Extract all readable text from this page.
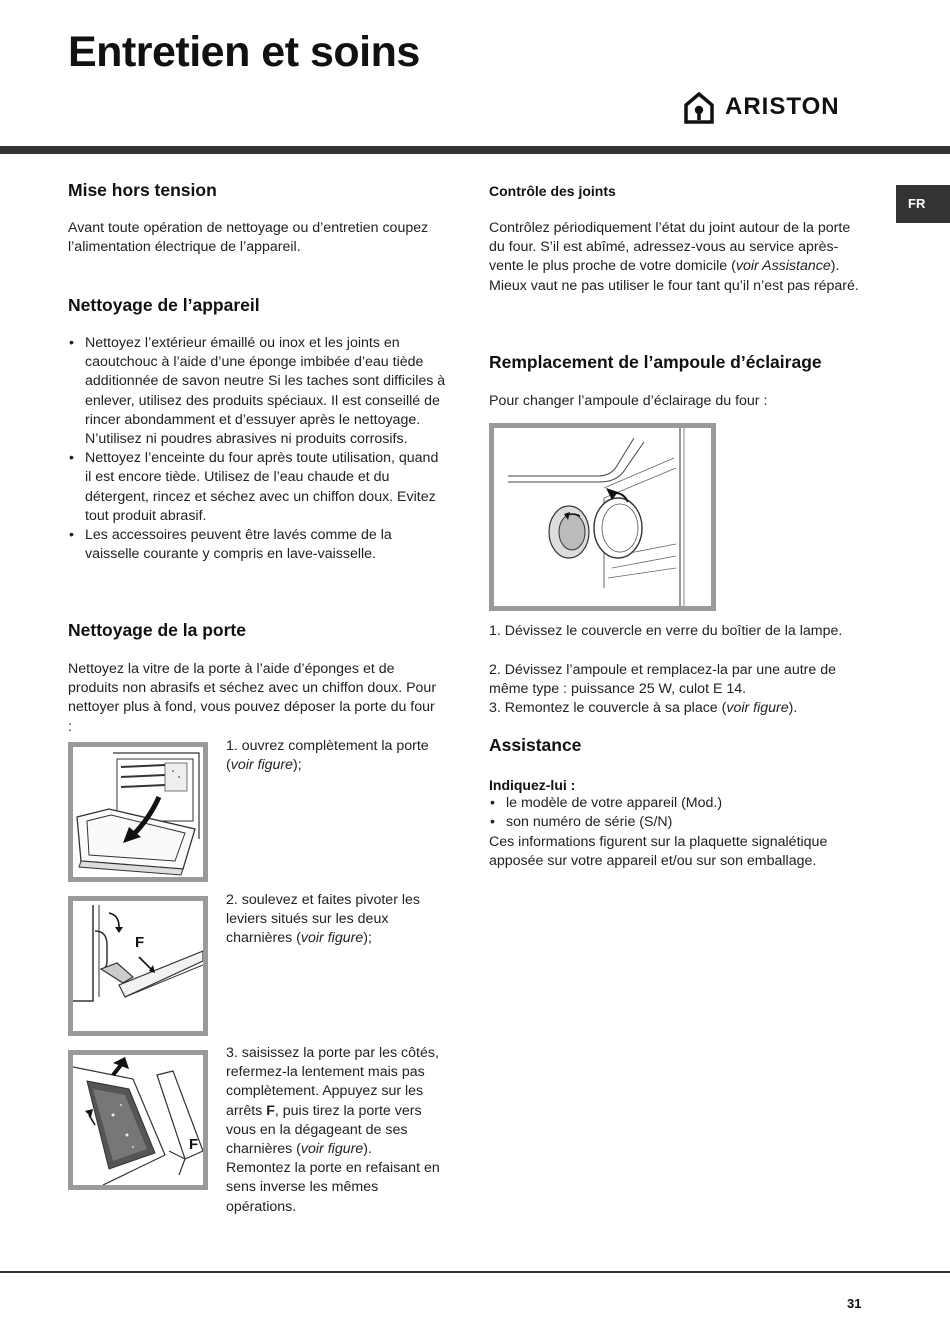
Entretien et soins
ARISTON
FR
Mise hors tension

Avant toute opération de nettoyage ou d’entretien coupez l’alimentation électrique de l’appareil.

Nettoyage de l’appareil
• Nettoyez l’extérieur émaillé ou inox et les joints en caoutchouc à l’aide d’une éponge imbibée d’eau tiède additionnée de savon neutre Si les taches sont difficiles à enlever, utilisez des produits spéciaux. Il est conseillé de rincer abondamment et d’essuyer après le nettoyage. N’utilisez ni poudres abrasives ni produits corrosifs.
• Nettoyez l’enceinte du four après toute utilisation, quand il est encore tiède. Utilisez de l’eau chaude et du détergent, rincez et séchez avec un chiffon doux. Evitez tout produit abrasif.
• Les accessoires peuvent être lavés comme de la vaisselle courante y compris en lave-vaisselle.
Nettoyage de la porte

Nettoyez la vitre de la porte à l’aide d’éponges et de produits non abrasifs et séchez avec un chiffon doux. Pour nettoyer plus à fond, vous pouvez déposer la porte du four :

1. ouvrez complètement la porte (voir figure);

F

2. soulevez et faites pivoter les leviers situés sur les deux charnières (voir figure);

F

3. saisissez la porte par les côtés, refermez-la lentement mais pas complètement. Appuyez sur les arrêts F, puis tirez la porte vers vous en la dégageant de ses charnières (voir figure).
Remontez la porte en refaisant en sens inverse les mêmes opérations.

Contrôle des joints

Contrôlez périodiquement l’état du joint autour de la porte du four. S’il est abîmé, adressez-vous au service après-vente le plus proche de votre domicile (voir Assistance). Mieux vaut ne pas utiliser le four tant qu’il n’est pas réparé.

Remplacement de l’ampoule d’éclairage

Pour changer l’ampoule d’éclairage du four :

1. Dévissez le couvercle en verre du boîtier de la lampe.

2. Dévissez l’ampoule et remplacez-la par une autre de même type : puissance 25 W, culot E 14.

3. Remontez le couvercle à sa place (voir figure).

Assistance
Indiquez-lui :
• le modèle de votre appareil (Mod.)
• son numéro de série (S/N)

Ces informations figurent sur la plaquette signalétique apposée sur votre appareil et/ou sur son emballage.

31
